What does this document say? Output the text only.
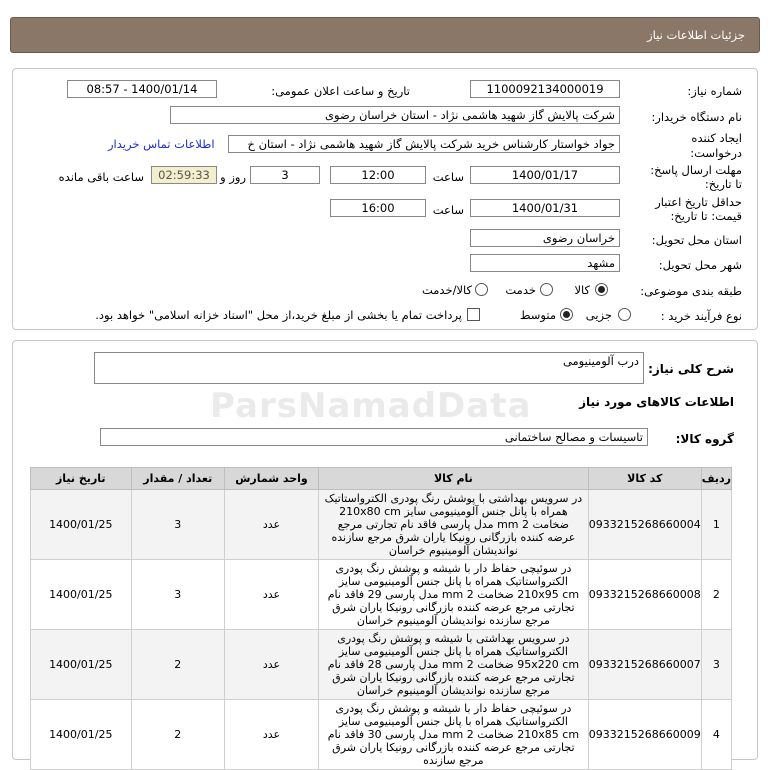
جزئیات اطلاعات نیاز
شماره نیاز:
1100092134000019
تاریخ و ساعت اعلان عمومی:
1400/01/14 - 08:57
نام دستگاه خریدار:
شرکت پالایش گاز شهید هاشمی نژاد - استان خراسان رضوی
ایجاد کننده
درخواست:
جواد خواستار کارشناس خرید شرکت پالایش گاز شهید هاشمی نژاد - استان خ
اطلاعات تماس خریدار
مهلت ارسال پاسخ:
تا تاریخ:
1400/01/17
ساعت
12:00
3
روز و
02:59:33
ساعت باقی مانده
حداقل تاریخ اعتبار
قیمت: تا تاریخ:
1400/01/31
ساعت
16:00
استان محل تحویل:
خراسان رضوی
شهر محل تحویل:
مشهد
طبقه بندی موضوعی:
کالا
خدمت
کالا/خدمت
نوع فرآیند خرید :
جزیی
متوسط
پرداخت تمام یا بخشی از مبلغ خرید،از محل "اسناد خزانه اسلامی" خواهد بود.
شرح کلی نیاز:
درب آلومینیومی
ParsNamadData	اطلاعات کالاهای مورد نیاز
گروه کالا:
تاسیسات و مصالح ساختمانی
ردیف	کد کالا	نام کالا	واحد شمارش	تعداد / مقدار	تاریخ نیاز
1	0933215268660004	در سرویس بهداشتی با پوشش رنگ پودری الکترواستاتیک همراه با پانل جنس آلومینیومی سایز 210x80 cm ضخامت 2 mm مدل پارسی فاقد نام تجارتی مرجع عرضه کننده بازرگانی رونیکا یاران شرق مرجع سازنده نواندیشان آلومینیوم خراسان	عدد	3	1400/01/25
2	0933215268660008	در سوئیچی حفاظ دار با شیشه و پوشش رنگ پودری الکترواستاتیک همراه با پانل جنس آلومینیومی سایز 210x95 cm ضخامت 2 mm مدل پارسی 29 فاقد نام تجارتی مرجع عرضه کننده بازرگانی رونیکا یاران شرق مرجع سازنده نواندیشان آلومینیوم خراسان	عدد	3	1400/01/25
3	0933215268660007	در سرویس بهداشتی با شیشه و پوشش رنگ پودری الکترواستاتیک همراه با پانل جنس آلومینیومی سایز 95x220 cm ضخامت 2 mm مدل پارسی 28 فاقد نام تجارتی مرجع عرضه کننده بازرگانی رونیکا یاران شرق مرجع سازنده نواندیشان آلومینیوم خراسان	عدد	2	1400/01/25
4	0933215268660009	در سوئیچی حفاظ دار با شیشه و پوشش رنگ پودری الکترواستاتیک همراه با پانل جنس آلومینیومی سایز 210x85 cm ضخامت 2 mm مدل پارسی 30 فاقد نام تجارتی مرجع عرضه کننده بازرگانی رونیکا یاران شرق مرجع سازنده	عدد	2	1400/01/25
